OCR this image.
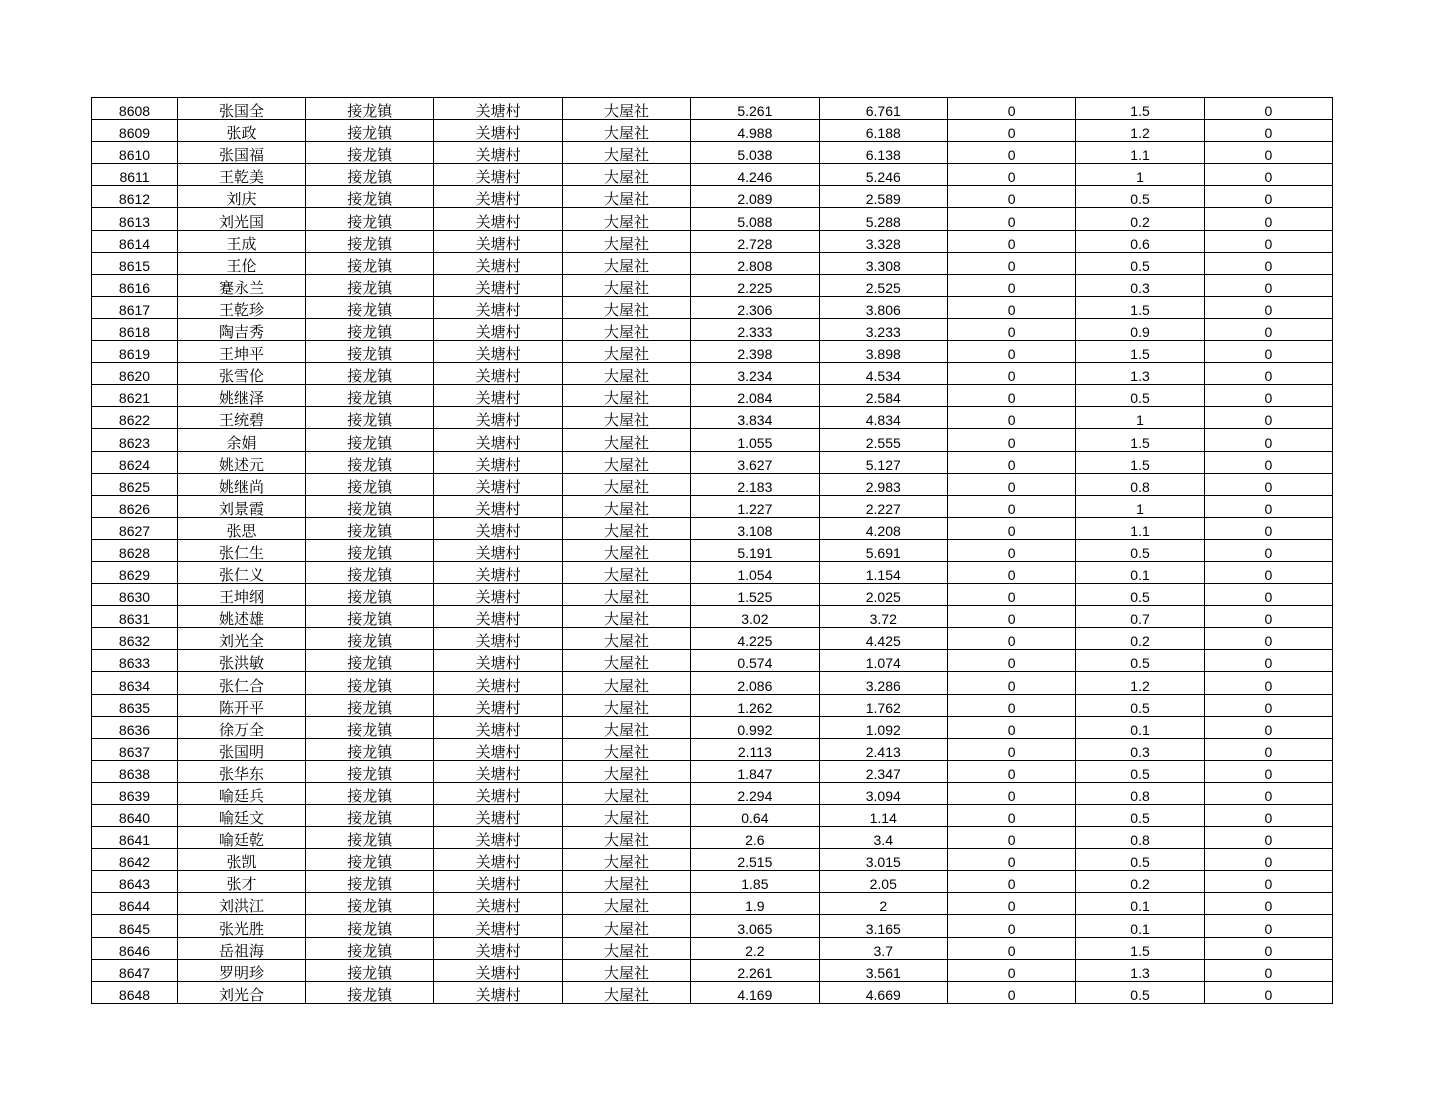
8608	张国全	接龙镇	关塘村	大屋社	5.261	6.761	0	1.5	0
8609	张政	接龙镇	关塘村	大屋社	4.988	6.188	0	1.2	0
8610	张国福	接龙镇	关塘村	大屋社	5.038	6.138	0	1.1	0
8611	王乾美	接龙镇	关塘村	大屋社	4.246	5.246	0	1	0
8612	刘庆	接龙镇	关塘村	大屋社	2.089	2.589	0	0.5	0
8613	刘光国	接龙镇	关塘村	大屋社	5.088	5.288	0	0.2	0
8614	王成	接龙镇	关塘村	大屋社	2.728	3.328	0	0.6	0
8615	王伦	接龙镇	关塘村	大屋社	2.808	3.308	0	0.5	0
8616	蹇永兰	接龙镇	关塘村	大屋社	2.225	2.525	0	0.3	0
8617	王乾珍	接龙镇	关塘村	大屋社	2.306	3.806	0	1.5	0
8618	陶吉秀	接龙镇	关塘村	大屋社	2.333	3.233	0	0.9	0
8619	王坤平	接龙镇	关塘村	大屋社	2.398	3.898	0	1.5	0
8620	张雪伦	接龙镇	关塘村	大屋社	3.234	4.534	0	1.3	0
8621	姚继泽	接龙镇	关塘村	大屋社	2.084	2.584	0	0.5	0
8622	王统碧	接龙镇	关塘村	大屋社	3.834	4.834	0	1	0
8623	余娟	接龙镇	关塘村	大屋社	1.055	2.555	0	1.5	0
8624	姚述元	接龙镇	关塘村	大屋社	3.627	5.127	0	1.5	0
8625	姚继尚	接龙镇	关塘村	大屋社	2.183	2.983	0	0.8	0
8626	刘景霞	接龙镇	关塘村	大屋社	1.227	2.227	0	1	0
8627	张思	接龙镇	关塘村	大屋社	3.108	4.208	0	1.1	0
8628	张仁生	接龙镇	关塘村	大屋社	5.191	5.691	0	0.5	0
8629	张仁义	接龙镇	关塘村	大屋社	1.054	1.154	0	0.1	0
8630	王坤纲	接龙镇	关塘村	大屋社	1.525	2.025	0	0.5	0
8631	姚述雄	接龙镇	关塘村	大屋社	3.02	3.72	0	0.7	0
8632	刘光全	接龙镇	关塘村	大屋社	4.225	4.425	0	0.2	0
8633	张洪敏	接龙镇	关塘村	大屋社	0.574	1.074	0	0.5	0
8634	张仁合	接龙镇	关塘村	大屋社	2.086	3.286	0	1.2	0
8635	陈开平	接龙镇	关塘村	大屋社	1.262	1.762	0	0.5	0
8636	徐万全	接龙镇	关塘村	大屋社	0.992	1.092	0	0.1	0
8637	张国明	接龙镇	关塘村	大屋社	2.113	2.413	0	0.3	0
8638	张华东	接龙镇	关塘村	大屋社	1.847	2.347	0	0.5	0
8639	喻廷兵	接龙镇	关塘村	大屋社	2.294	3.094	0	0.8	0
8640	喻廷文	接龙镇	关塘村	大屋社	0.64	1.14	0	0.5	0
8641	喻廷乾	接龙镇	关塘村	大屋社	2.6	3.4	0	0.8	0
8642	张凯	接龙镇	关塘村	大屋社	2.515	3.015	0	0.5	0
8643	张才	接龙镇	关塘村	大屋社	1.85	2.05	0	0.2	0
8644	刘洪江	接龙镇	关塘村	大屋社	1.9	2	0	0.1	0
8645	张光胜	接龙镇	关塘村	大屋社	3.065	3.165	0	0.1	0
8646	岳祖海	接龙镇	关塘村	大屋社	2.2	3.7	0	1.5	0
8647	罗明珍	接龙镇	关塘村	大屋社	2.261	3.561	0	1.3	0
8648	刘光合	接龙镇	关塘村	大屋社	4.169	4.669	0	0.5	0
